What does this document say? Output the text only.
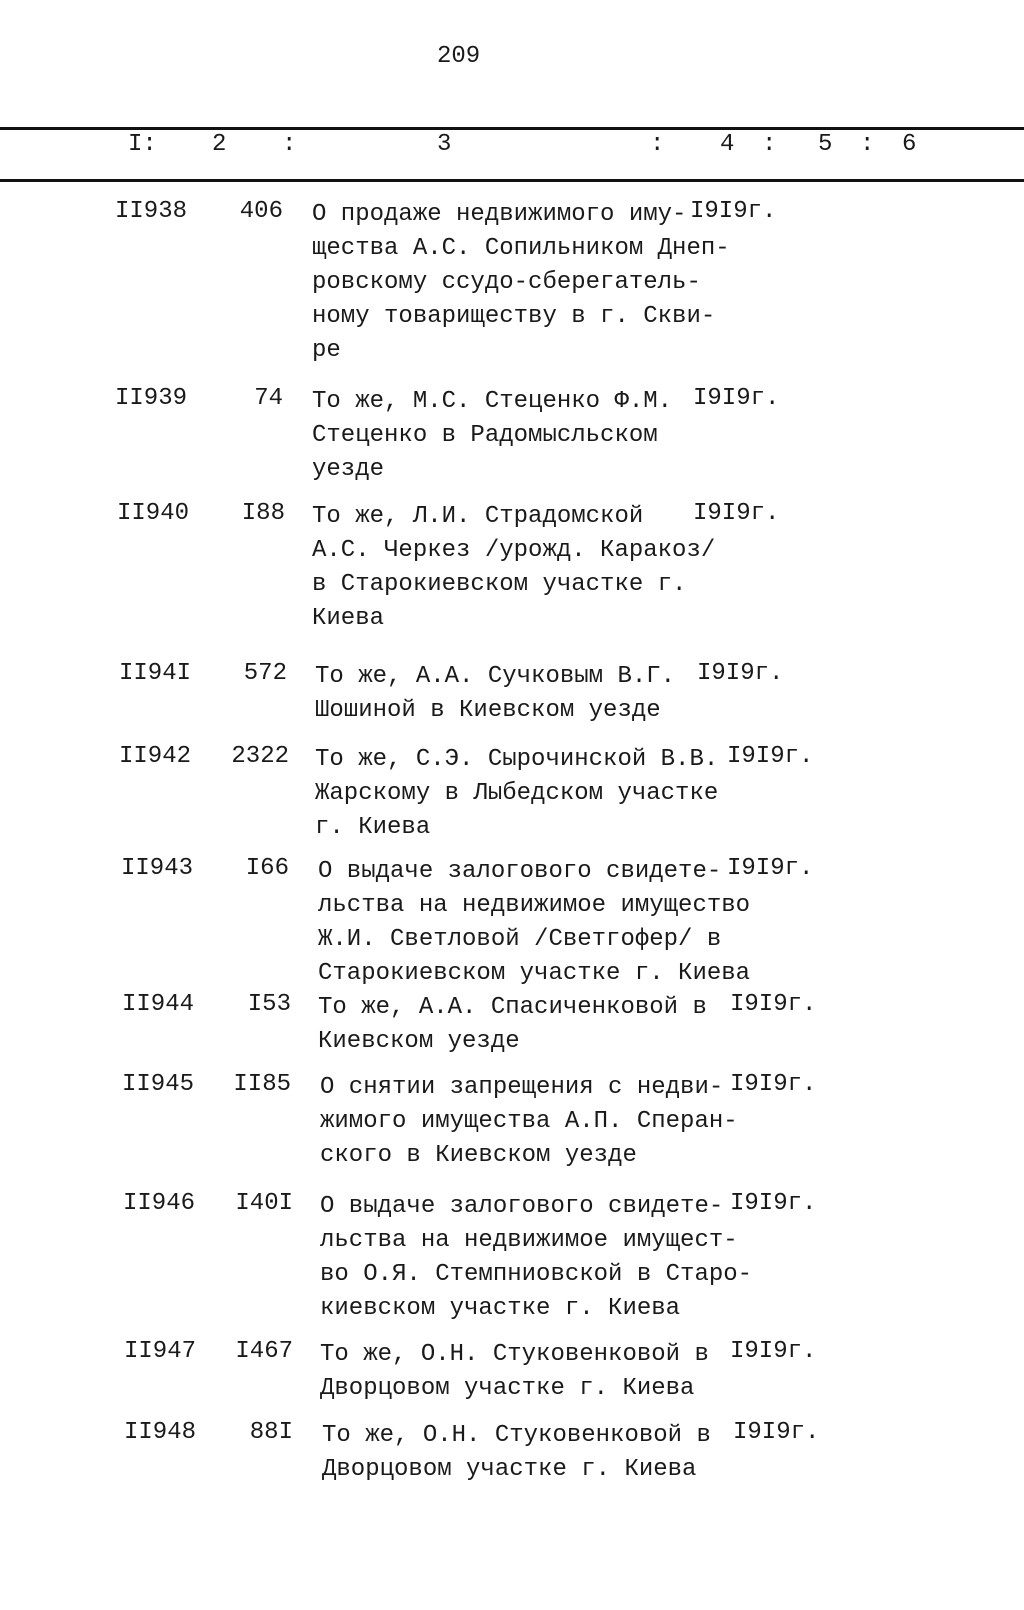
209
I: 2 :	3	: 4 : 5 : 6
II938	406 О продаже недвижимого иму-
щества А.С. Сопильником Днеп-
ровскому ссудо-сберегатель-
ному товариществу в г. Скви-
ре
I9I9г.
II939	74 То же, М.С. Стеценко Ф.М.
Стеценко в Радомысльском
уезде
I9I9г.
II940	I88 То же, Л.И. Страдомской
А.С. Черкез /урожд. Каракоз/
в Старокиевском участке г.
Киева
I9I9г.
II94I	572 То же, А.А. Сучковым В.Г.
Шошиной в Киевском уезде
I9I9г.
II942	2322 То же, С.Э. Сырочинской В.В.
Жарскому в Лыбедском участке
г. Киева
I9I9г.
II943	I66 О выдаче залогового свидете-
льства на недвижимое имущество
Ж.И. Светловой /Светгофер/ в
Старокиевском участке г. Киева
I9I9г.
II944	I53 То же, А.А. Спасиченковой в
Киевском уезде
I9I9г.
II945	II85 О снятии запрещения с недви-
жимого имущества А.П. Сперан-
ского в Киевском уезде
I9I9г.
II946	I40I О выдаче залогового свидете-
льства на недвижимое имущест-
во О.Я. Стемпниовской в Старо-
киевском участке г. Киева
I9I9г.
II947	I467 То же, О.Н. Стуковенковой в
Дворцовом участке г. Киева
I9I9г.
II948	88I То же, О.Н. Стуковенковой в
Дворцовом участке г. Киева
I9I9г.
